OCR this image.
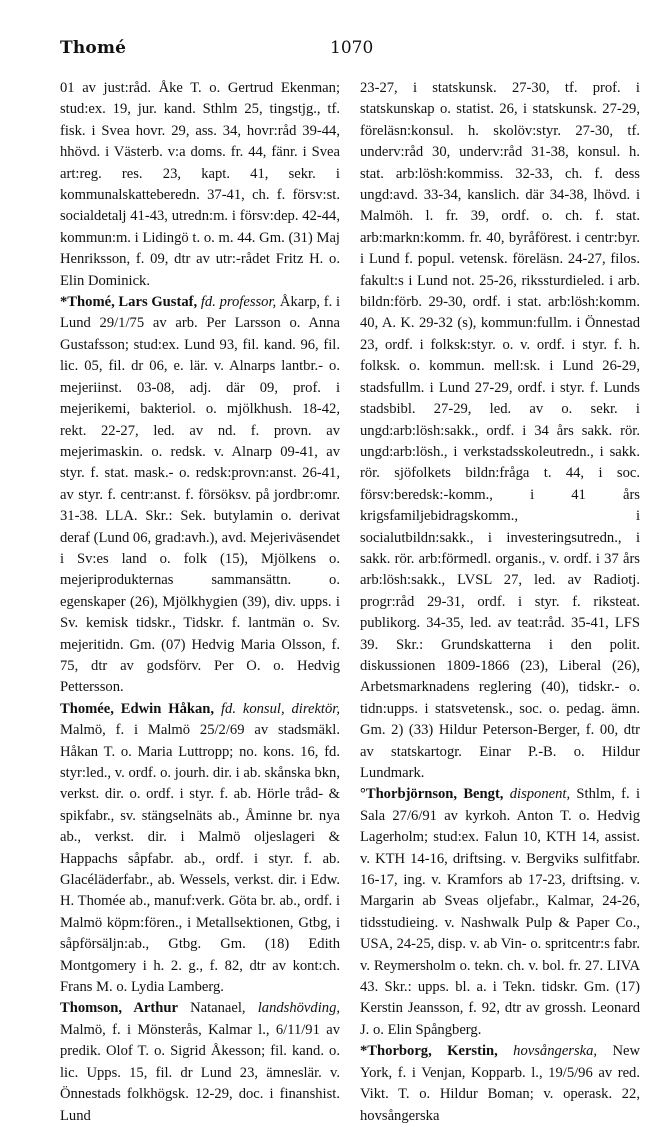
Thomé	1070

01 av just:råd. Åke T. o. Gertrud Ekenman; stud:ex. 19, jur. kand. Sthlm 25, tingstjg., tf. fisk. i Svea hovr. 29, ass. 34, hovr:råd 39-44, hhövd. i Västerb. v:a doms. fr. 44, fänr. i Svea art:reg. res. 23, kapt. 41, sekr. i kommunalskatteberedn. 37-41, ch. f. försv:st. socialdetalj 41-43, utredn:m. i försv:dep. 42-44, kommun:m. i Lidingö t. o. m. 44. Gm. (31) Maj Henriksson, f. 09, dtr av utr:-rådet Fritz H. o. Elin Dominick.

*Thomé, Lars Gustaf, fd. professor, Åkarp, f. i Lund 29/1/75 av arb. Per Larsson o. Anna Gustafsson; stud:ex. Lund 93, fil. kand. 96, fil. lic. 05, fil. dr 06, e. lär. v. Alnarps lantbr.- o. mejeriinst. 03-08, adj. där 09, prof. i mejerikemi, bakteriol. o. mjölkhush. 18-42, rekt. 22-27, led. av nd. f. provn. av mejerimaskin. o. redsk. v. Alnarp 09-41, av styr. f. stat. mask.- o. redsk:provn:anst. 26-41, av styr. f. centr:anst. f. försöksv. på jordbr:omr. 31-38. LLA. Skr.: Sek. butylamin o. derivat deraf (Lund 06, grad:avh.), avd. Mejeriväsendet i Sv:es land o. folk (15), Mjölkens o. mejeriprodukternas sammansättn. o. egenskaper (26), Mjölkhygien (39), div. upps. i Sv. kemisk tidskr., Tidskr. f. lantmän o. Sv. mejeritidn. Gm. (07) Hedvig Maria Olsson, f. 75, dtr av godsförv. Per O. o. Hedvig Pettersson.

Thomée, Edwin Håkan, fd. konsul, direktör, Malmö, f. i Malmö 25/2/69 av stadsmäkl. Håkan T. o. Maria Luttropp; no. kons. 16, fd. styr:led., v. ordf. o. jourh. dir. i ab. skånska bkn, verkst. dir. o. ordf. i styr. f. ab. Hörle tråd- & spikfabr., sv. stängselnäts ab., Åminne br. nya ab., verkst. dir. i Malmö oljeslageri & Happachs såpfabr. ab., ordf. i styr. f. ab. Glacéläderfabr., ab. Wessels, verkst. dir. i Edw. H. Thomée ab., manuf:verk. Göta br. ab., ordf. i Malmö köpm:fören., i Metallsektionen, Gtbg, i såpförsäljn:ab., Gtbg. Gm. (18) Edith Montgomery i h. 2. g., f. 82, dtr av kont:ch. Frans M. o. Lydia Lamberg.

Thomson, Arthur Natanael, landshövding, Malmö, f. i Mönsterås, Kalmar l., 6/11/91 av predik. Olof T. o. Sigrid Åkesson; fil. kand. o. lic. Upps. 15, fil. dr Lund 23, ämneslär. v. Önnestads folkhögsk. 12-29, doc. i finanshist. Lund

23-27, i statskunsk. 27-30, tf. prof. i statskunskap o. statist. 26, i statskunsk. 27-29, föreläsn:konsul. h. skolöv:styr. 27-30, tf. underv:råd 30, underv:råd 31-38, konsul. h. stat. arb:lösh:kommiss. 32-33, ch. f. dess ungd:avd. 33-34, kanslich. där 34-38, lhövd. i Malmöh. l. fr. 39, ordf. o. ch. f. stat. arb:markn:komm. fr. 40, byråförest. i centr:byr. i Lund f. popul. vetensk. föreläsn. 24-27, filos. fakult:s i Lund not. 25-26, rikssturdieled. i arb. bildn:förb. 29-30, ordf. i stat. arb:lösh:komm. 40, A. K. 29-32 (s), kommun:fullm. i Önnestad 23, ordf. i folksk:styr. o. v. ordf. i styr. f. h. folksk. o. kommun. mell:sk. i Lund 26-29, stadsfullm. i Lund 27-29, ordf. i styr. f. Lunds stadsbibl. 27-29, led. av o. sekr. i ungd:arb:lösh:sakk., ordf. i 34 års sakk. rör. ungd:arb:lösh., i verkstadsskoleutredn., i sakk. rör. sjöfolkets bildn:fråga t. 44, i soc. försv:beredsk:-komm., i 41 års krigsfamiljebidragskomm., i socialutbildn:sakk., i investeringsutredn., i sakk. rör. arb:förmedl. organis., v. ordf. i 37 års arb:lösh:sakk., LVSL 27, led. av Radiotj. progr:råd 29-31, ordf. i styr. f. riksteat. publikorg. 34-35, led. av teat:råd. 35-41, LFS 39. Skr.: Grundskatterna i den polit. diskussionen 1809-1866 (23), Liberal (26), Arbetsmarknadens reglering (40), tidskr.- o. tidn:upps. i statsvetensk., soc. o. pedag. ämn. Gm. 2) (33) Hildur Peterson-Berger, f. 00, dtr av statskartogr. Einar P.-B. o. Hildur Lundmark.

°Thorbjörnson, Bengt, disponent, Sthlm, f. i Sala 27/6/91 av kyrkoh. Anton T. o. Hedvig Lagerholm; stud:ex. Falun 10, KTH 14, assist. v. KTH 14-16, driftsing. v. Bergviks sulfitfabr. 16-17, ing. v. Kramfors ab 17-23, driftsing. v. Margarin ab Sveas oljefabr., Kalmar, 24-26, tidsstudieing. v. Nashwalk Pulp & Paper Co., USA, 24-25, disp. v. ab Vin- o. spritcentr:s fabr. v. Reymersholm o. tekn. ch. v. bol. fr. 27. LIVA 43. Skr.: upps. bl. a. i Tekn. tidskr. Gm. (17) Kerstin Jeansson, f. 92, dtr av grossh. Leonard J. o. Elin Spångberg.

*Thorborg, Kerstin, hovsångerska, New York, f. i Venjan, Kopparb. l., 19/5/96 av red. Vikt. T. o. Hildur Boman; v. operask. 22, hovsångerska
